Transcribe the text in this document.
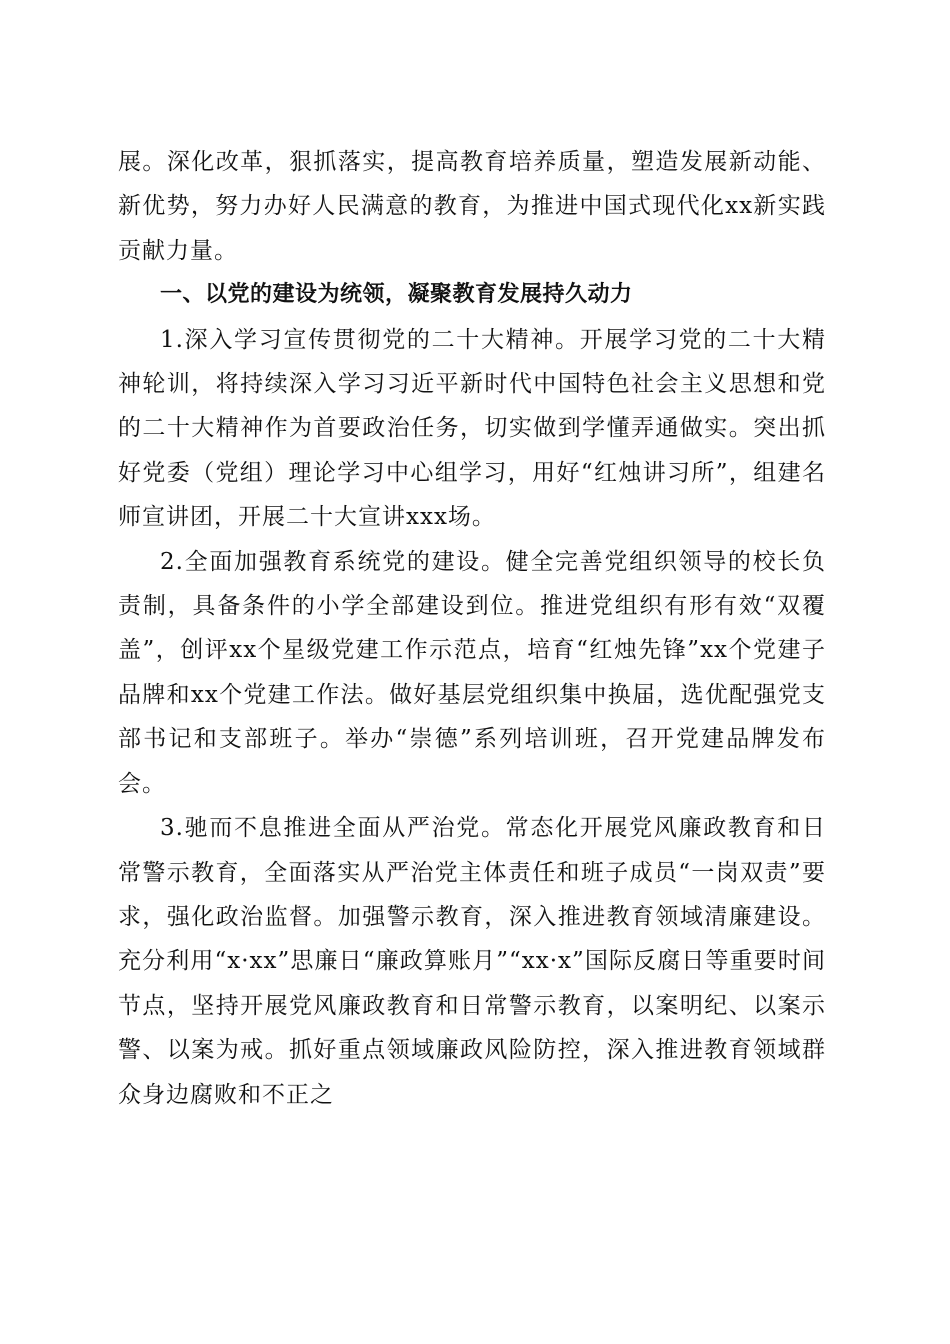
展。深化改革，狠抓落实，提高教育培养质量，塑造发展新动能、新优势，努力办好人民满意的教育，为推进中国式现代化xx新实践贡献力量。

一、以党的建设为统领，凝聚教育发展持久动力

1.深入学习宣传贯彻党的二十大精神。开展学习党的二十大精神轮训，将持续深入学习习近平新时代中国特色社会主义思想和党的二十大精神作为首要政治任务，切实做到学懂弄通做实。突出抓好党委（党组）理论学习中心组学习，用好“红烛讲习所”，组建名师宣讲团，开展二十大宣讲xxx场。

2.全面加强教育系统党的建设。健全完善党组织领导的校长负责制，具备条件的小学全部建设到位。推进党组织有形有效“双覆盖”，创评xx个星级党建工作示范点，培育“红烛先锋”xx个党建子品牌和xx个党建工作法。做好基层党组织集中换届，选优配强党支部书记和支部班子。举办“崇德”系列培训班，召开党建品牌发布会。

3.驰而不息推进全面从严治党。常态化开展党风廉政教育和日常警示教育，全面落实从严治党主体责任和班子成员“一岗双责”要求，强化政治监督。加强警示教育，深入推进教育领域清廉建设。充分利用“x·xx”思廉日“廉政算账月”“xx·x”国际反腐日等重要时间节点，坚持开展党风廉政教育和日常警示教育，以案明纪、以案示警、以案为戒。抓好重点领域廉政风险防控，深入推进教育领域群众身边腐败和不正之
